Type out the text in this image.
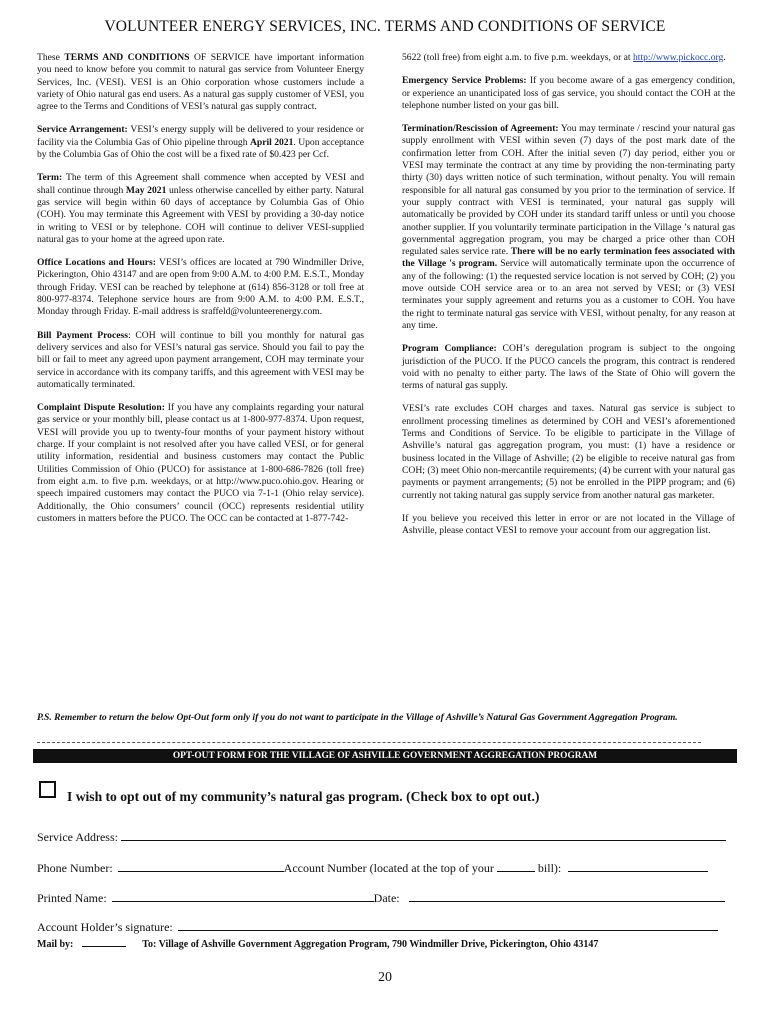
VOLUNTEER ENERGY SERVICES, INC. TERMS AND CONDITIONS OF SERVICE

These TERMS AND CONDITIONS OF SERVICE have important information you need to know before you commit to natural gas service from Volunteer Energy Services, Inc. (VESI). VESI is an Ohio corporation whose customers include a variety of Ohio natural gas end users. As a natural gas supply customer of VESI, you agree to the Terms and Conditions of VESI’s natural gas supply contract.

Service Arrangement: VESI’s energy supply will be delivered to your residence or facility via the Columbia Gas of Ohio pipeline through April 2021. Upon acceptance by the Columbia Gas of Ohio the cost will be a fixed rate of $0.423 per Ccf.

Term: The term of this Agreement shall commence when accepted by VESI and shall continue through May 2021 unless otherwise cancelled by either party. Natural gas service will begin within 60 days of acceptance by Columbia Gas of Ohio (COH). You may terminate this Agreement with VESI by providing a 30-day notice in writing to VESI or by telephone. COH will continue to deliver VESI-supplied natural gas to your home at the agreed upon rate.

Office Locations and Hours: VESI’s offices are located at 790 Windmiller Drive, Pickerington, Ohio 43147 and are open from 9:00 A.M. to 4:00 P.M. E.S.T., Monday through Friday. VESI can be reached by telephone at (614) 856-3128 or toll free at 800-977-8374. Telephone service hours are from 9:00 A.M. to 4:00 P.M. E.S.T., Monday through Friday. E-mail address is sraffeld@volunteerenergy.com.

Bill Payment Process: COH will continue to bill you monthly for natural gas delivery services and also for VESI’s natural gas service. Should you fail to pay the bill or fail to meet any agreed upon payment arrangement, COH may terminate your service in accordance with its company tariffs, and this agreement with VESI may be automatically terminated.

Complaint Dispute Resolution: If you have any complaints regarding your natural gas service or your monthly bill, please contact us at 1-800-977-8374. Upon request, VESI will provide you up to twenty-four months of your payment history without charge. If your complaint is not resolved after you have called VESI, or for general utility information, residential and business customers may contact the Public Utilities Commission of Ohio (PUCO) for assistance at 1-800-686-7826 (toll free) from eight a.m. to five p.m. weekdays, or at http://www.puco.ohio.gov. Hearing or speech impaired customers may contact the PUCO via 7-1-1 (Ohio relay service). Additionally, the Ohio consumers’ council (OCC) represents residential utility customers in matters before the PUCO. The OCC can be contacted at 1-877-742-

5622 (toll free) from eight a.m. to five p.m. weekdays, or at http://www.pickocc.org.

Emergency Service Problems: If you become aware of a gas emergency condition, or experience an unanticipated loss of gas service, you should contact the COH at the telephone number listed on your gas bill.

Termination/Rescission of Agreement: You may terminate / rescind your natural gas supply enrollment with VESI within seven (7) days of the post mark date of the confirmation letter from COH. After the initial seven (7) day period, either you or VESI may terminate the contract at any time by providing the non-terminating party thirty (30) days written notice of such termination, without penalty. You will remain responsible for all natural gas consumed by you prior to the termination of service. If your supply contract with VESI is terminated, your natural gas supply will automatically be provided by COH under its standard tariff unless or until you choose another supplier. If you voluntarily terminate participation in the Village ’s natural gas governmental aggregation program, you may be charged a price other than COH regulated sales service rate. There will be no early termination fees associated with the Village 's program. Service will automatically terminate upon the occurrence of any of the following: (1) the requested service location is not served by COH; (2) you move outside COH service area or to an area not served by VESI; or (3) VESI terminates your supply agreement and returns you as a customer to COH. You have the right to terminate natural gas service with VESI, without penalty, for any reason at any time.

Program Compliance: COH’s deregulation program is subject to the ongoing jurisdiction of the PUCO. If the PUCO cancels the program, this contract is rendered void with no penalty to either party. The laws of the State of Ohio will govern the terms of natural gas supply.

VESI’s rate excludes COH charges and taxes. Natural gas service is subject to enrollment processing timelines as determined by COH and VESI’s aforementioned Terms and Conditions of Service. To be eligible to participate in the Village of Ashville’s natural gas aggregation program, you must: (1) have a residence or business located in the Village of Ashville; (2) be eligible to receive natural gas from COH; (3) meet Ohio non-mercantile requirements; (4) be current with your natural gas payments or payment arrangements; (5) not be enrolled in the PIPP program; and (6) currently not taking natural gas supply service from another natural gas marketer.

If you believe you received this letter in error or are not located in the Village of Ashville, please contact VESI to remove your account from our aggregation list.

P.S. Remember to return the below Opt-Out form only if you do not want to participate in the Village of Ashville’s Natural Gas Government Aggregation Program.
OPT-OUT FORM FOR THE VILLAGE OF ASHVILLE GOVERNMENT AGGREGATION PROGRAM
I wish to opt out of my community’s natural gas program. (Check box to opt out.)
Service Address:
Phone Number:	Account Number (located at the top of your	bill):
Printed Name:	Date:
Account Holder’s signature:
Mail by:	To: Village of Ashville Government Aggregation Program, 790 Windmiller Drive, Pickerington, Ohio 43147
20
